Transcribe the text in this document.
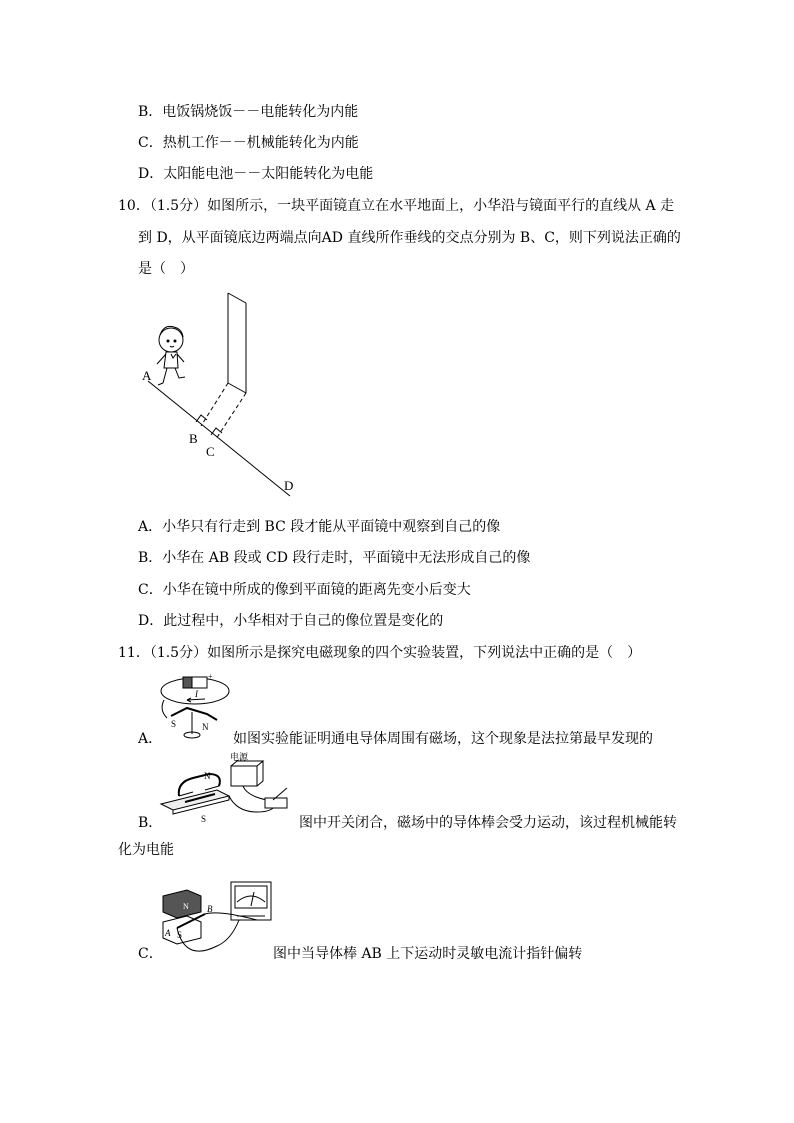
B．电饭锅烧饭－－电能转化为内能
C．热机工作－－机械能转化为内能
D．太阳能电池－－太阳能转化为电能
10．（1.5分）如图所示，一块平面镜直立在水平地面上，小华沿与镜面平行的直线从 A 走
到 D，从平面镜底边两端点向AD 直线所作垂线的交点分别为 B、C，则下列说法正确的
是（　）
A
B
C
D
A．小华只有行走到 BC 段才能从平面镜中观察到自己的像
B．小华在 AB 段或 CD 段行走时，平面镜中无法形成自己的像
C．小华在镜中所成的像到平面镜的距离先变小后变大
D．此过程中，小华相对于自己的像位置是变化的
11．（1.5分）如图所示是探究电磁现象的四个实验装置，下列说法中正确的是（　）
+
I
S	N
A．	如图实验能证明通电导体周围有磁场，这个现象是法拉第最早发现的
N
S
电源
B．	图中开关闭合，磁场中的导体棒会受力运动，该过程机械能转
化为电能
A
B
N
S
C．	图中当导体棒 AB 上下运动时灵敏电流计指针偏转
